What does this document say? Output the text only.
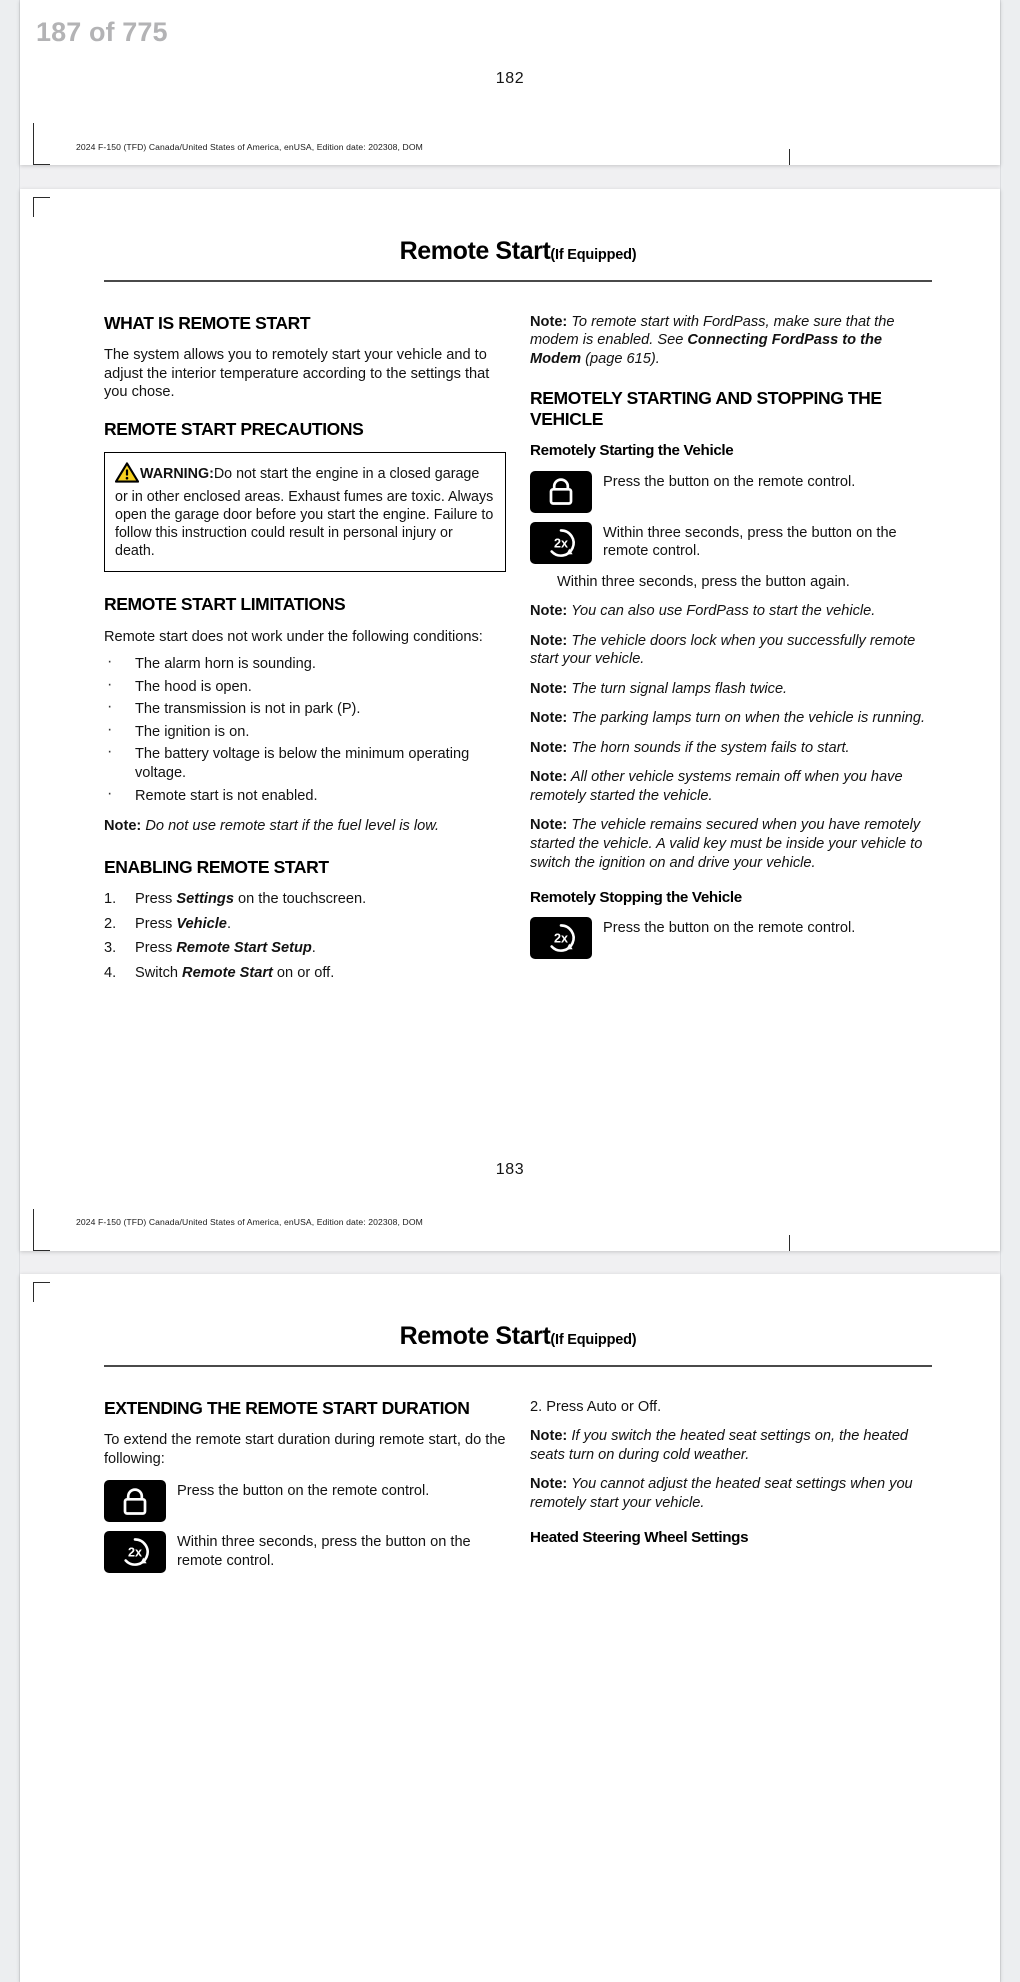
187 of 775
182
2024 F-150 (TFD) Canada/United States of America, enUSA, Edition date: 202308, DOM
Remote Start(If Equipped)
WHAT IS REMOTE START

The system allows you to remotely start your vehicle and to adjust the interior temperature according to the settings that you chose.

REMOTE START PRECAUTIONS
WARNING:Do not start the engine in a closed garage or in other enclosed areas. Exhaust fumes are toxic. Always open the garage door before you start the engine. Failure to follow this instruction could result in personal injury or death.
REMOTE START LIMITATIONS

Remote start does not work under the following conditions:

· The alarm horn is sounding.
· The hood is open.
· The transmission is not in park (P).
· The ignition is on.
· The battery voltage is below the minimum operating voltage.
· Remote start is not enabled.
Note: Do not use remote start if the fuel level is low.
ENABLING REMOTE START
Press Settings on the touchscreen.
Press Vehicle.
Press Remote Start Setup.
Switch Remote Start on or off.
Note: To remote start with FordPass, make sure that the modem is enabled. See Connecting FordPass to the Modem (page 615).
REMOTELY STARTING AND STOPPING THE VEHICLE
Remotely Starting the Vehicle
Press the button on the remote control.
2x
Within three seconds, press the button on the remote control.
Within three seconds, press the button again.
Note: You can also use FordPass to start the vehicle.
Note: The vehicle doors lock when you successfully remote start your vehicle.
Note: The turn signal lamps flash twice.
Note: The parking lamps turn on when the vehicle is running.
Note: The horn sounds if the system fails to start.
Note: All other vehicle systems remain off when you have remotely started the vehicle.
Note: The vehicle remains secured when you have remotely started the vehicle. A valid key must be inside your vehicle to switch the ignition on and drive your vehicle.
Remotely Stopping the Vehicle
2x
Press the button on the remote control.
183
2024 F-150 (TFD) Canada/United States of America, enUSA, Edition date: 202308, DOM
Remote Start(If Equipped)
EXTENDING THE REMOTE START DURATION

To extend the remote start duration during remote start, do the following:

Press the button on the remote control.
2x
Within three seconds, press the button on the remote control.

2. Press Auto or Off.

Note: If you switch the heated seat settings on, the heated seats turn on during cold weather.
Note: You cannot adjust the heated seat settings when you remotely start your vehicle.
Heated Steering Wheel Settings
